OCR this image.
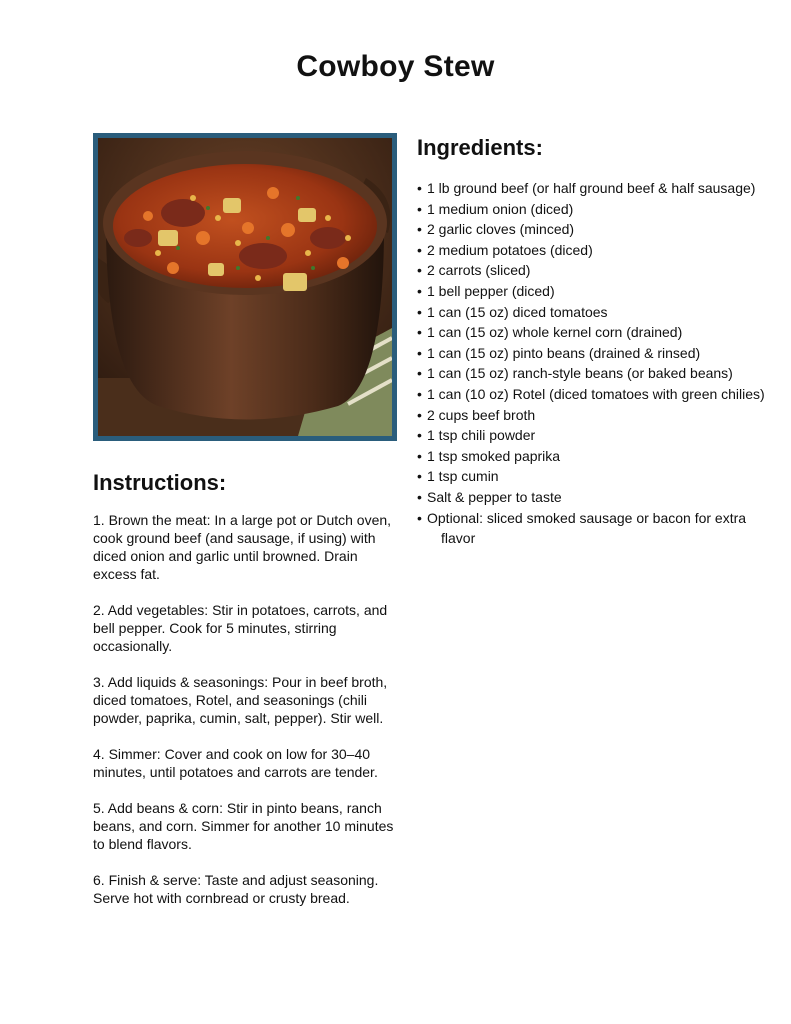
Cowboy Stew
Ingredients:
• 1 lb ground beef (or half ground beef & half sausage)
• 1 medium onion (diced)
• 2 garlic cloves (minced)
• 2 medium potatoes (diced)
• 2 carrots (sliced)
• 1 bell pepper (diced)
• 1 can (15 oz) diced tomatoes
• 1 can (15 oz) whole kernel corn (drained)
• 1 can (15 oz) pinto beans (drained & rinsed)
• 1 can (15 oz) ranch-style beans (or baked beans)
• 1 can (10 oz) Rotel (diced tomatoes with green chilies)
• 2 cups beef broth
• 1 tsp chili powder
• 1 tsp smoked paprika
• 1 tsp cumin
• Salt & pepper to taste
• Optional: sliced smoked sausage or bacon for extra flavor
Instructions:

1. Brown the meat: In a large pot or Dutch oven, cook ground beef (and sausage, if using) with diced onion and garlic until browned. Drain excess fat.

2. Add vegetables: Stir in potatoes, carrots, and bell pepper. Cook for 5 minutes, stirring occasionally.

3. Add liquids & seasonings: Pour in beef broth, diced tomatoes, Rotel, and seasonings (chili powder, paprika, cumin, salt, pepper). Stir well.

4. Simmer: Cover and cook on low for 30–40 minutes, until potatoes and carrots are tender.

5. Add beans & corn: Stir in pinto beans, ranch beans, and corn. Simmer for another 10 minutes to blend flavors.

6. Finish & serve: Taste and adjust seasoning. Serve hot with cornbread or crusty bread.
